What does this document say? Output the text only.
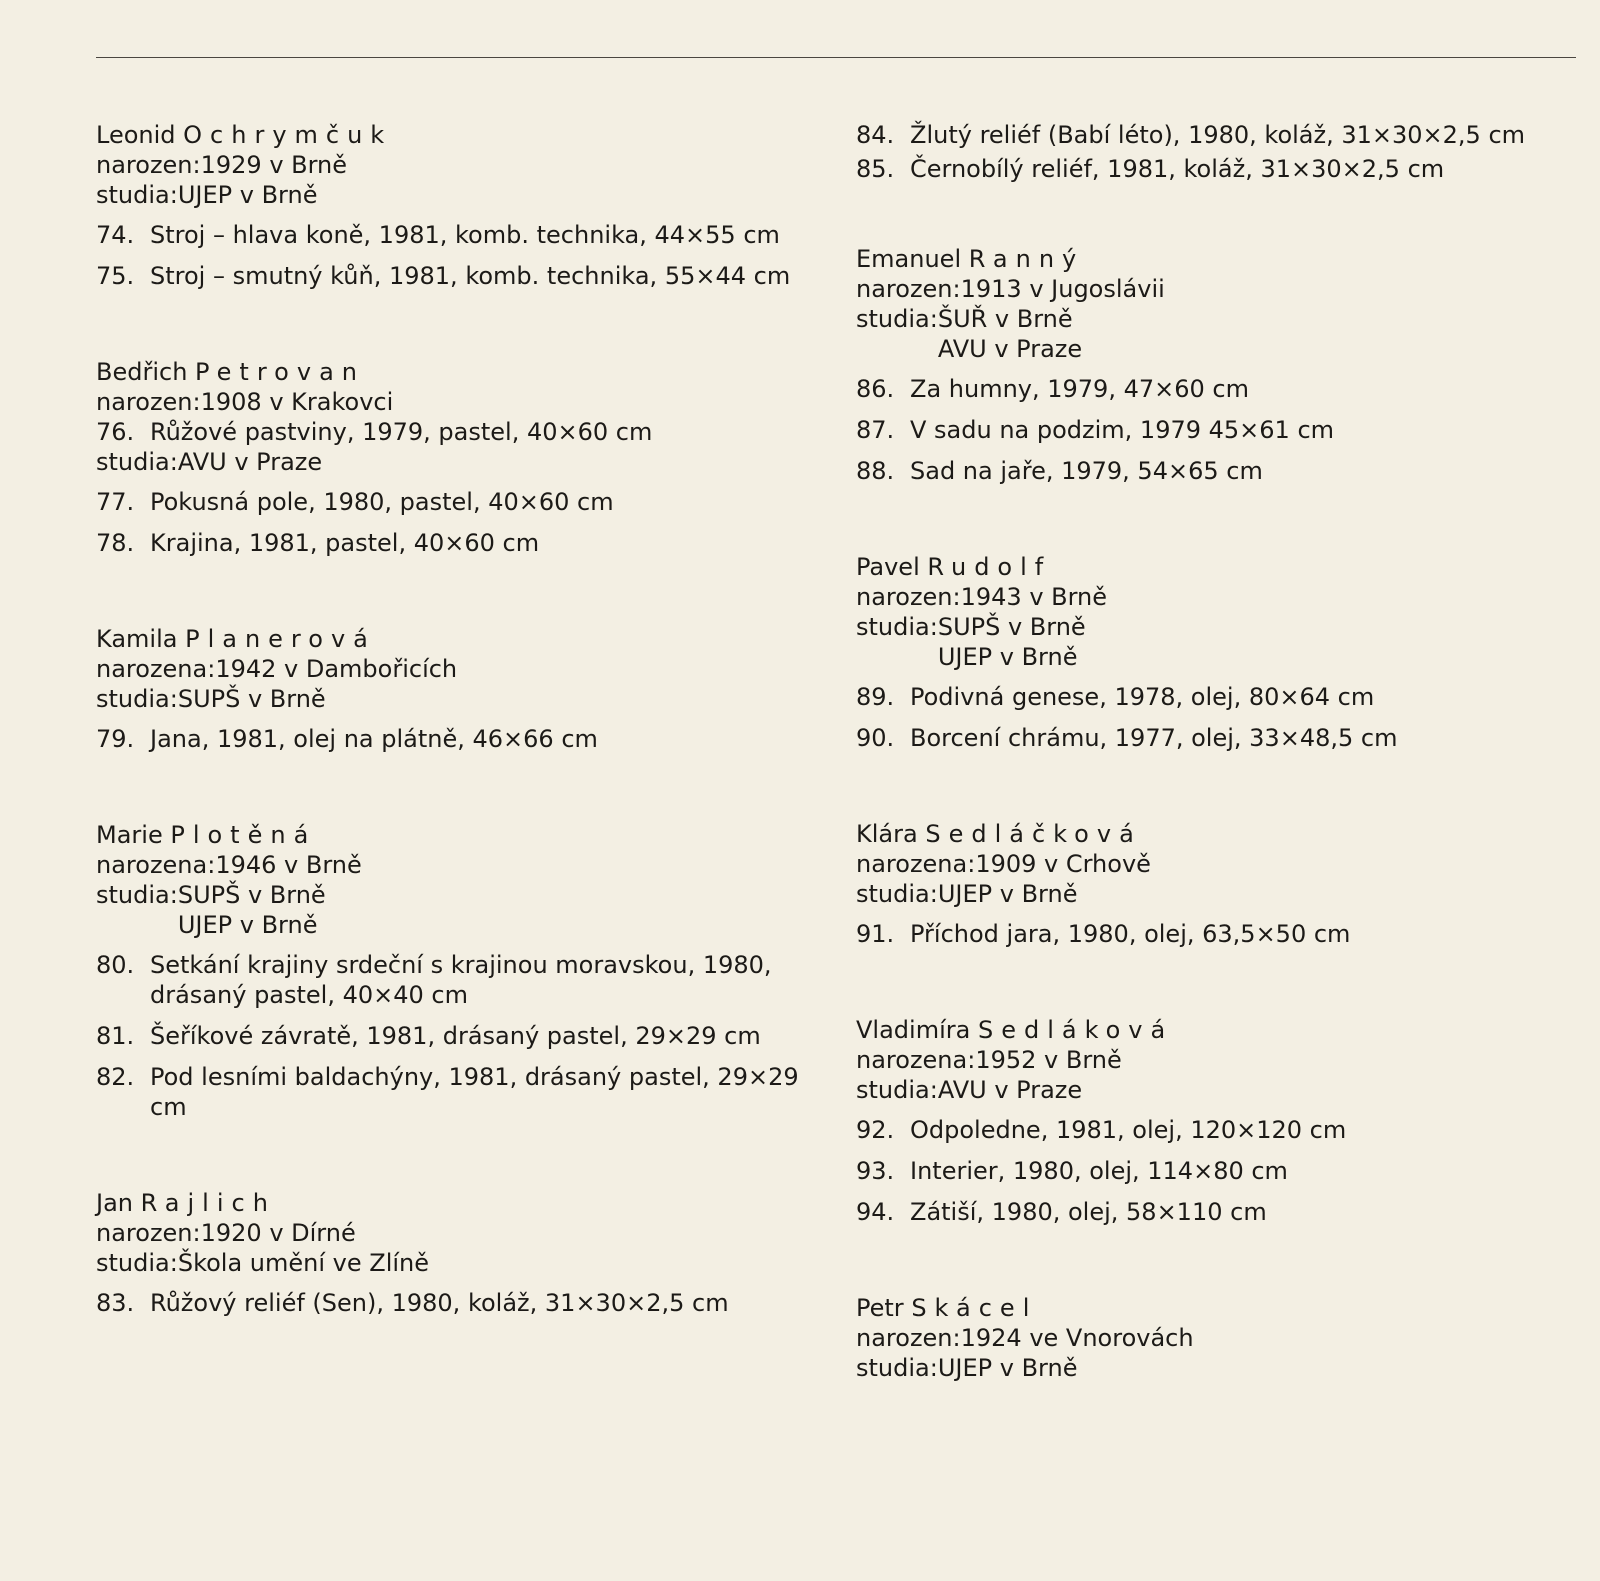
Leonid Ochrymčuk
narozen: 1929 v Brně
studia: UJEP v Brně
74. Stroj – hlava koně, 1981, komb. technika, 44×55 cm
75. Stroj – smutný kůň, 1981, komb. technika, 55×44 cm
Bedřich Petrovan
narozen: 1908 v Krakovci
76. Růžové pastviny, 1979, pastel, 40×60 cm
studia: AVU v Praze
77. Pokusná pole, 1980, pastel, 40×60 cm
78. Krajina, 1981, pastel, 40×60 cm
Kamila Planerová
narozena: 1942 v Dambořicích
studia: SUPŠ v Brně
79. Jana, 1981, olej na plátně, 46×66 cm
Marie Plotěná
narozena: 1946 v Brně
studia: SUPŠ v Brně
UJEP v Brně
80. Setkání krajiny srdeční s krajinou moravskou, 1980, drásaný pastel, 40×40 cm
81. Šeříkové závratě, 1981, drásaný pastel, 29×29 cm
82. Pod lesními baldachýny, 1981, drásaný pastel, 29×29 cm
Jan Rajlich
narozen: 1920 v Dírné
studia: Škola umění ve Zlíně
83. Růžový reliéf (Sen), 1980, koláž, 31×30×2,5 cm
84. Žlutý reliéf (Babí léto), 1980, koláž, 31×30×2,5 cm
85. Černobílý reliéf, 1981, koláž, 31×30×2,5 cm
Emanuel Ranný
narozen: 1913 v Jugoslávii
studia: ŠUŘ v Brně
AVU v Praze
86. Za humny, 1979, 47×60 cm
87. V sadu na podzim, 1979 45×61 cm
88. Sad na jaře, 1979, 54×65 cm
Pavel Rudolf
narozen: 1943 v Brně
studia: SUPŠ v Brně
UJEP v Brně
89. Podivná genese, 1978, olej, 80×64 cm
90. Borcení chrámu, 1977, olej, 33×48,5 cm
Klára Sedláčková
narozena: 1909 v Crhově
studia: UJEP v Brně
91. Příchod jara, 1980, olej, 63,5×50 cm
Vladimíra Sedláková
narozena: 1952 v Brně
studia: AVU v Praze
92. Odpoledne, 1981, olej, 120×120 cm
93. Interier, 1980, olej, 114×80 cm
94. Zátiší, 1980, olej, 58×110 cm
Petr Skácel
narozen: 1924 ve Vnorovách
studia: UJEP v Brně
